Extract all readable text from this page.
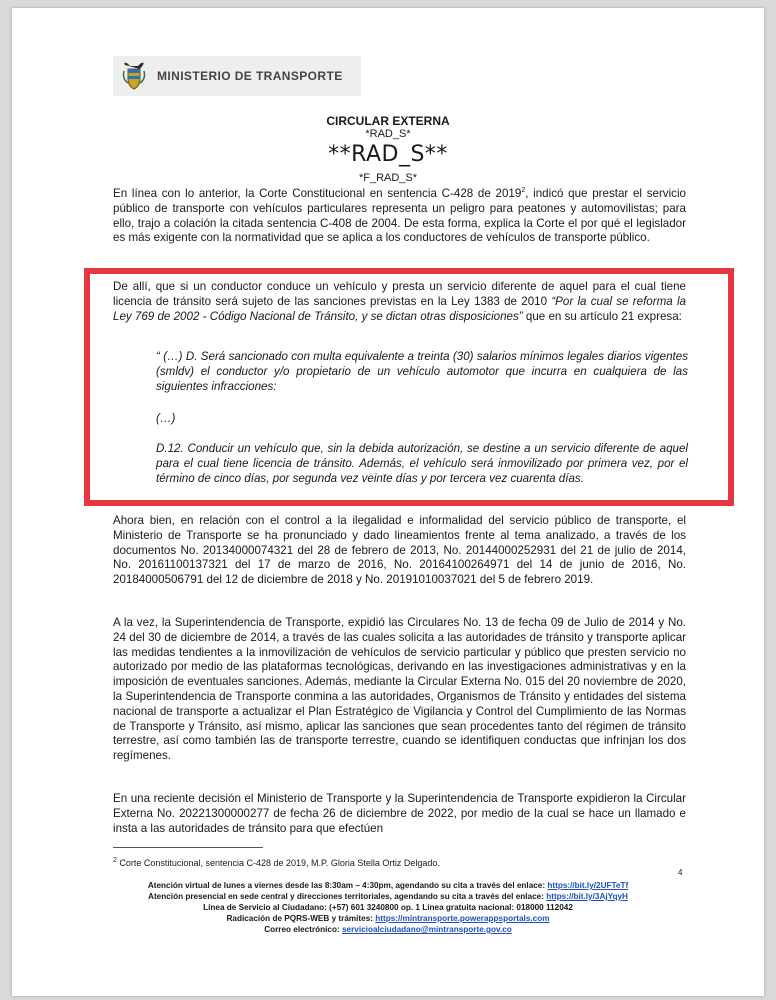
MINISTERIO DE TRANSPORTE
CIRCULAR EXTERNA
*RAD_S*
**RAD_S**
*F_RAD_S*

En línea con lo anterior, la Corte Constitucional en sentencia C-428 de 2019$^2$, indicó que prestar el servicio público de transporte con vehículos particulares representa un peligro para peatones y automovilistas; para ello, trajo a colación la citada sentencia C-408 de 2004. De esta forma, explica la Corte el por qué el legislador es más exigente con la normatividad que se aplica a los conductores de vehículos de transporte público.

De allí, que si un conductor conduce un vehículo y presta un servicio diferente de aquel para el cual tiene licencia de tránsito será sujeto de las sanciones previstas en la Ley 1383 de 2010 “Por la cual se reforma la Ley 769 de 2002 - Código Nacional de Tránsito, y se dictan otras disposiciones” que en su artículo 21 expresa:

“ (…) D. Será sancionado con multa equivalente a treinta (30) salarios mínimos legales diarios vigentes (smldv) el conductor y/o propietario de un vehículo automotor que incurra en cualquiera de las siguientes infracciones:

(…)

D.12. Conducir un vehículo que, sin la debida autorización, se destine a un servicio diferente de aquel para el cual tiene licencia de tránsito. Además, el vehículo será inmovilizado por primera vez, por el término de cinco días, por segunda vez veinte días y por tercera vez cuarenta días.

Ahora bien, en relación con el control a la ilegalidad e informalidad del servicio público de transporte, el Ministerio de Transporte se ha pronunciado y dado lineamientos frente al tema analizado, a través de los documentos No. 20134000074321 del 28 de febrero de 2013, No. 20144000252931 del 21 de julio de 2014, No. 20161100137321 del 17 de marzo de 2016, No. 20164100264971 del 14 de junio de 2016, No. 20184000506791 del 12 de diciembre de 2018 y No. 20191010037021 del 5 de febrero 2019.

A la vez, la Superintendencia de Transporte, expidió las Circulares No. 13 de fecha 09 de Julio de 2014 y No. 24 del 30 de diciembre de 2014, a través de las cuales solicita a las autoridades de tránsito y transporte aplicar las medidas tendientes a la inmovilización de vehículos de servicio particular y público que presten servicio no autorizado por medio de las plataformas tecnológicas, derivando en las investigaciones administrativas y en la imposición de eventuales sanciones. Además, mediante la Circular Externa No. 015 del 20 noviembre de 2020, la Superintendencia de Transporte conmina a las autoridades, Organismos de Tránsito y entidades del sistema nacional de transporte a actualizar el Plan Estratégico de Vigilancia y Control del Cumplimiento de las Normas de Transporte y Tránsito, así mismo, aplicar las sanciones que sean procedentes tanto del régimen de tránsito terrestre, así como también las de transporte terrestre, cuando se identifiquen conductas que infrinjan los dos regímenes.

En una reciente decisión el Ministerio de Transporte y la Superintendencia de Transporte expidieron la Circular Externa No. 20221300000277 de fecha 26 de diciembre de 2022, por medio de la cual se hace un llamado e insta a las autoridades de tránsito para que efectúen

$^2$ Corte Constitucional, sentencia C-428 de 2019, M.P. Gloria Stella Ortiz Delgado.

4
Atención virtual de lunes a viernes desde las 8:30am – 4:30pm, agendando su cita a través del enlace: https://bit.ly/2UFTeTf
Atención presencial en sede central y direcciones territoriales, agendando su cita a través del enlace: https://bit.ly/3AjYqyH
Línea de Servicio al Ciudadano: (+57) 601 3240800 op. 1 Línea gratuita nacional: 018000 112042
Radicación de PQRS-WEB y trámites: https://mintransporte.powerappsportals.com
Correo electrónico: servicioalciudadano@mintransporte.gov.co
